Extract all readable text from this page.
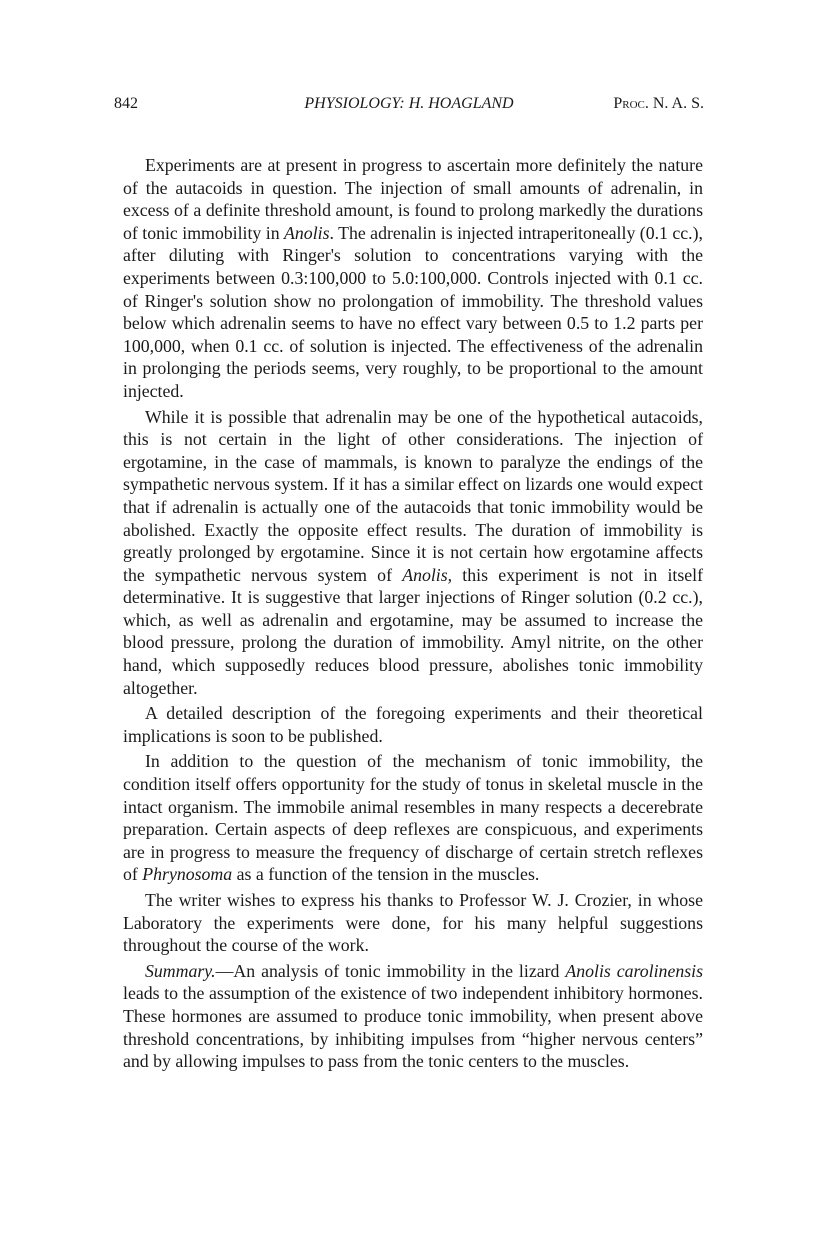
842	PHYSIOLOGY: H. HOAGLAND	Proc. N. A. S.

Experiments are at present in progress to ascertain more definitely the nature of the autacoids in question. The injection of small amounts of adrenalin, in excess of a definite threshold amount, is found to prolong markedly the durations of tonic immobility in Anolis. The adrenalin is injected intraperitoneally (0.1 cc.), after diluting with Ringer's solution to concentrations varying with the experiments between 0.3:100,000 to 5.0:100,000. Controls injected with 0.1 cc. of Ringer's solution show no prolongation of immobility. The threshold values below which adrenalin seems to have no effect vary between 0.5 to 1.2 parts per 100,000, when 0.1 cc. of solution is injected. The effectiveness of the adrenalin in prolonging the periods seems, very roughly, to be proportional to the amount injected.

While it is possible that adrenalin may be one of the hypothetical autacoids, this is not certain in the light of other considerations. The injection of ergotamine, in the case of mammals, is known to paralyze the endings of the sympathetic nervous system. If it has a similar effect on lizards one would expect that if adrenalin is actually one of the autacoids that tonic immobility would be abolished. Exactly the opposite effect results. The duration of immobility is greatly prolonged by ergotamine. Since it is not certain how ergotamine affects the sympathetic nervous system of Anolis, this experiment is not in itself determinative. It is suggestive that larger injections of Ringer solution (0.2 cc.), which, as well as adrenalin and ergotamine, may be assumed to increase the blood pressure, prolong the duration of immobility. Amyl nitrite, on the other hand, which supposedly reduces blood pressure, abolishes tonic immobility altogether.

A detailed description of the foregoing experiments and their theoretical implications is soon to be published.

In addition to the question of the mechanism of tonic immobility, the condition itself offers opportunity for the study of tonus in skeletal muscle in the intact organism. The immobile animal resembles in many respects a decerebrate preparation. Certain aspects of deep reflexes are conspicuous, and experiments are in progress to measure the frequency of discharge of certain stretch reflexes of Phrynosoma as a function of the tension in the muscles.

The writer wishes to express his thanks to Professor W. J. Crozier, in whose Laboratory the experiments were done, for his many helpful suggestions throughout the course of the work.

Summary.—An analysis of tonic immobility in the lizard Anolis carolinensis leads to the assumption of the existence of two independent inhibitory hormones. These hormones are assumed to produce tonic immobility, when present above threshold concentrations, by inhibiting impulses from “higher nervous centers” and by allowing impulses to pass from the tonic centers to the muscles.
